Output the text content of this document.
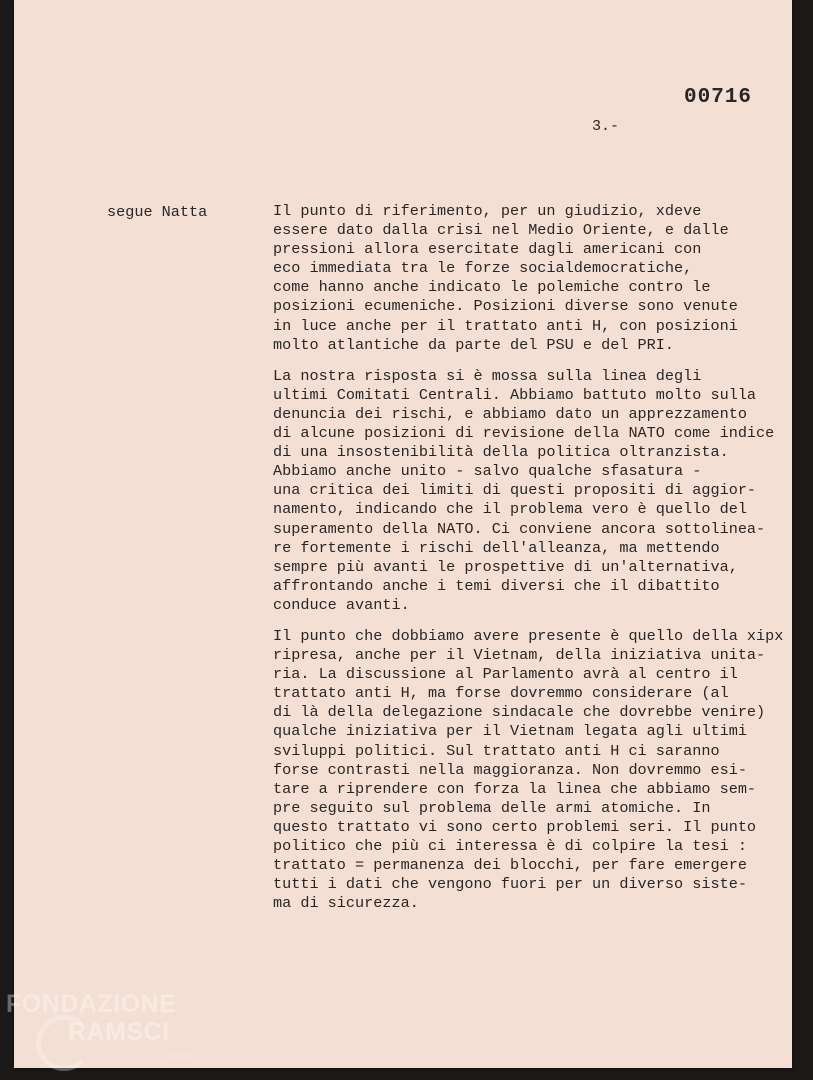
00716
3.-
segue Natta	Il punto di riferimento, per un giudizio, xdeve
essere dato dalla crisi nel Medio Oriente, e dalle
pressioni allora esercitate dagli americani con
eco immediata tra le forze socialdemocratiche,
come hanno anche indicato le polemiche contro le
posizioni ecumeniche. Posizioni diverse sono venute
in luce anche per il trattato anti H, con posizioni
molto atlantiche da parte del PSU e del PRI.

La nostra risposta si è mossa sulla linea degli
ultimi Comitati Centrali. Abbiamo battuto molto sulla
denuncia dei rischi, e abbiamo dato un apprezzamento
di alcune posizioni di revisione della NATO come indice
di una insostenibilità della politica oltranzista.
Abbiamo anche unito - salvo qualche sfasatura -
una critica dei limiti di questi propositi di aggior-
namento, indicando che il problema vero è quello del
superamento della NATO. Ci conviene ancora sottolinea-
re fortemente i rischi dell'alleanza, ma mettendo
sempre più avanti le prospettive di un'alternativa,
affrontando anche i temi diversi che il dibattito
conduce avanti.

Il punto che dobbiamo avere presente è quello della xipx
ripresa, anche per il Vietnam, della iniziativa unita-
ria. La discussione al Parlamento avrà al centro il
trattato anti H, ma forse dovremmo considerare (al
di là della delegazione sindacale che dovrebbe venire)
qualche iniziativa per il Vietnam legata agli ultimi
sviluppi politici. Sul trattato anti H ci saranno
forse contrasti nella maggioranza. Non dovremmo esi-
tare a riprendere con forza la linea che abbiamo sem-
pre seguito sul problema delle armi atomiche. In
questo trattato vi sono certo problemi seri. Il punto
politico che più ci interessa è di colpire la tesi :
trattato = permanenza dei blocchi, per fare emergere
tutti i dati che vengono fuori per un diverso siste-
ma di sicurezza.

FONDAZIONE
RAMSCI
ONLUS
